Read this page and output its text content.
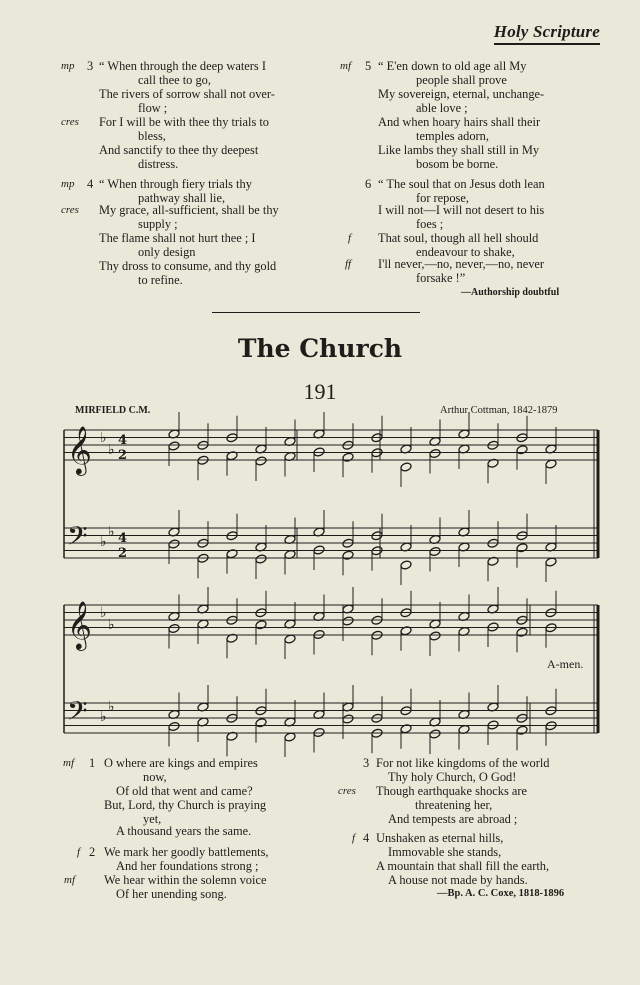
Holy Scripture
mp 3 “ When through the deep waters I
call thee to go,
The rivers of sorrow shall not over-
flow ;
cres For I will be with thee thy trials to
bless,
And sanctify to thee thy deepest
distress.
mp 4 “ When through fiery trials thy
pathway shall lie,
cres My grace, all-sufficient, shall be thy
supply ;
The flame shall not hurt thee ; I
only design
Thy dross to consume, and thy gold
to refine.
mf 5 “ E'en down to old age all My
people shall prove
My sovereign, eternal, unchange-
able love ;
And when hoary hairs shall their
temples adorn,
Like lambs they shall still in My
bosom be borne.
6 “ The soul that on Jesus doth lean
for repose,
I will not—I will not desert to his
foes ;
f That soul, though all hell should
endeavour to shake,
ff I'll never,—no, never,—no, never
forsake !”
—Authorship doubtful
The Church
191
MIRFIELD C.M.	Arthur Cottman, 1842-1879
𝄞 ♭
♭
4
2
𝄢 ♭
♭ 4
2
𝄞 ♭
♭
𝄢 ♭
♭
A-men.
mf 1 O where are kings and empires
now,
Of old that went and came?
But, Lord, thy Church is praying
yet,
A thousand years the same.
f 2 We mark her goodly battlements,
And her foundations strong ;
mf We hear within the solemn voice
Of her unending song.
3 For not like kingdoms of the world
Thy holy Church, O God!
cres Though earthquake shocks are
threatening her,
And tempests are abroad ;
f 4 Unshaken as eternal hills,
Immovable she stands,
A mountain that shall fill the earth,
A house not made by hands.
—Bp. A. C. Coxe, 1818-1896
